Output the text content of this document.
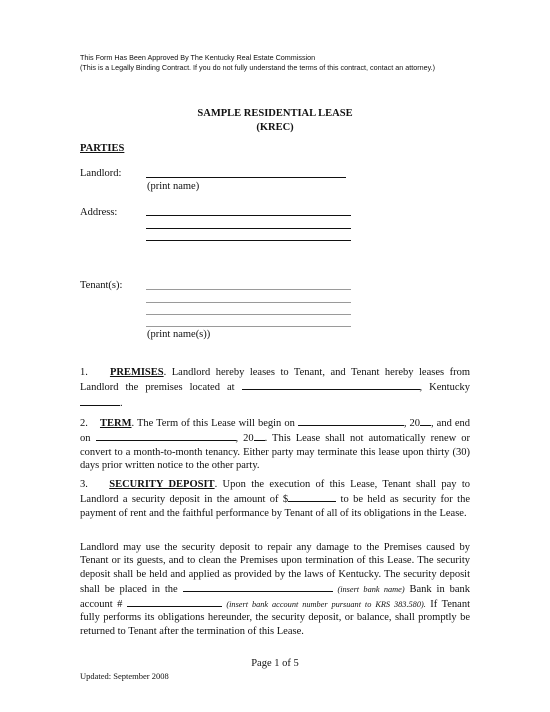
This Form Has Been Approved By The Kentucky Real Estate Commission
(This is a Legally Binding Contract. If you do not fully understand the terms of this contract, contact an attorney.)
SAMPLE RESIDENTIAL LEASE
(KREC)
PARTIES
Landlord:
(print name)
Address:
Tenant(s):
(print name(s))

1. PREMISES. Landlord hereby leases to Tenant, and Tenant hereby leases from Landlord the premises located at	, Kentucky .

2. TERM. The Term of this Lease will begin on	, 20 , and end on	, 20 . This Lease shall not automatically renew or convert to a month-to-month tenancy. Either party may terminate this lease upon thirty (30) days prior written notice to the other party.

3. SECURITY DEPOSIT. Upon the execution of this Lease, Tenant shall pay to Landlord a security deposit in the amount of $	to be held as security for the payment of rent and the faithful performance by Tenant of all of its obligations in the Lease.

Landlord may use the security deposit to repair any damage to the Premises caused by Tenant or its guests, and to clean the Premises upon termination of this Lease. The security deposit shall be held and applied as provided by the laws of Kentucky. The security deposit shall be placed in the	(insert bank name) Bank in bank account #	(insert bank account number pursuant to KRS 383.580). If Tenant fully performs its obligations hereunder, the security deposit, or balance, shall promptly be returned to Tenant after the termination of this Lease.

Page 1 of 5
Updated: September 2008
